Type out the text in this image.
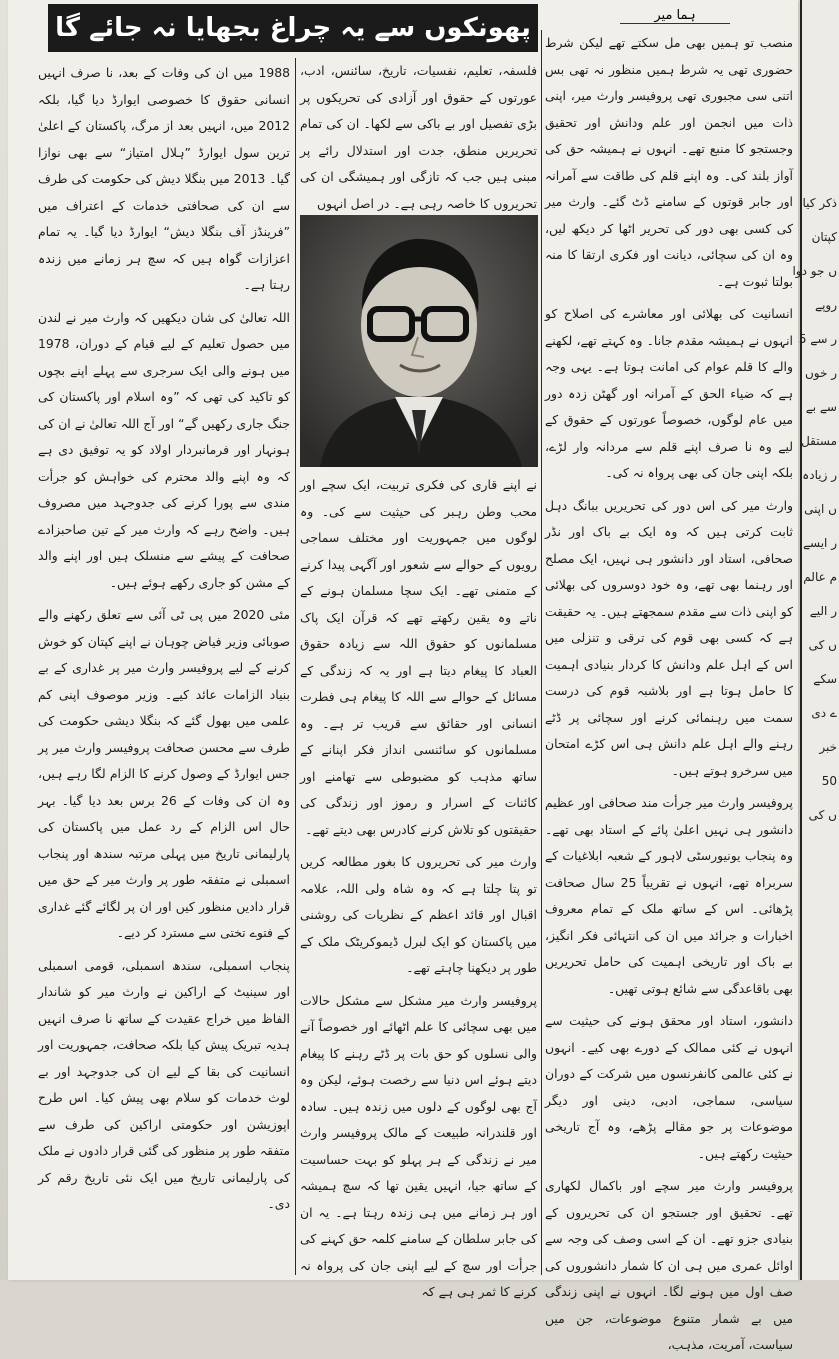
پھونکوں سے یہ چراغ بجھایا نہ جائے گا	ہما میر

منصب تو ہمیں بھی مل سکتے تھے لیکن شرط حضوری تھی یہ شرط ہمیں منظور نہ تھی بس اتنی سی مجبوری تھی پروفیسر وارث میر، اپنی ذات میں انجمن اور علم ودانش اور تحقیق وجستجو کا منبع تھے۔ انہوں نے ہمیشہ حق کی آواز بلند کی۔ وہ اپنے قلم کی طاقت سے آمرانہ اور جابر قوتوں کے سامنے ڈٹ گئے۔ وارث میر کی کسی بھی دور کی تحریر اٹھا کر دیکھ لیں، وہ ان کی سچائی، دیانت اور فکری ارتقا کا منہ بولتا ثبوت ہے۔

انسانیت کی بھلائی اور معاشرے کی اصلاح کو انہوں نے ہمیشہ مقدم جانا۔ وہ کہتے تھے، لکھنے والے کا قلم عوام کی امانت ہوتا ہے۔ یہی وجہ ہے کہ ضیاء الحق کے آمرانہ اور گھٹن زدہ دور میں عام لوگوں، خصوصاً عورتوں کے حقوق کے لیے وہ نا صرف اپنے قلم سے مردانہ وار لڑے، بلکہ اپنی جان کی بھی پرواہ نہ کی۔

وارث میر کی اس دور کی تحریریں ببانگ دہل ثابت کرتی ہیں کہ وہ ایک بے باک اور نڈر صحافی، استاد اور دانشور ہی نہیں، ایک مصلح اور رہنما بھی تھے، وہ خود دوسروں کی بھلائی کو اپنی ذات سے مقدم سمجھتے ہیں۔ یہ حقیقت ہے کہ کسی بھی قوم کی ترقی و تنزلی میں اس کے اہل علم ودانش کا کردار بنیادی اہمیت کا حامل ہوتا ہے اور بلاشبہ قوم کی درست سمت میں رہنمائی کرنے اور سچائی پر ڈٹے رہنے والے اہل علم دانش ہی اس کڑے امتحان میں سرخرو ہوتے ہیں۔

پروفیسر وارث میر جرأت مند صحافی اور عظیم دانشور ہی نہیں اعلیٰ پائے کے استاد بھی تھے۔ وہ پنجاب یونیورسٹی لاہور کے شعبہ ابلاغیات کے سربراہ تھے، انہوں نے تقریباً 25 سال صحافت پڑھائی۔ اس کے ساتھ ملک کے تمام معروف اخبارات و جرائد میں ان کی انتہائی فکر انگیز، بے باک اور تاریخی اہمیت کی حامل تحریریں بھی باقاعدگی سے شائع ہوتی تھیں۔

دانشور، استاد اور محقق ہونے کی حیثیت سے انہوں نے کئی ممالک کے دورے بھی کیے۔ انہوں نے کئی عالمی کانفرنسوں میں شرکت کے دوران سیاسی، سماجی، ادبی، دینی اور دیگر موضوعات پر جو مقالے پڑھے، وہ آج تاریخی حیثیت رکھتے ہیں۔

پروفیسر وارث میر سچے اور باکمال لکھاری تھے۔ تحقیق اور جستجو ان کی تحریروں کے بنیادی جزو تھے۔ ان کے اسی وصف کی وجہ سے اوائل عمری میں ہی ان کا شمار دانشوروں کی صف اول میں ہونے لگا۔ انہوں نے اپنی زندگی میں بے شمار متنوع موضوعات، جن میں سیاست، آمریت، مذہب،

فلسفہ، تعلیم، نفسیات، تاریخ، سائنس، ادب، عورتوں کے حقوق اور آزادی کی تحریکوں پر بڑی تفصیل اور بے باکی سے لکھا۔ ان کی تمام تحریریں منطق، جدت اور استدلال رائے پر مبنی ہیں جب کہ تازگی اور ہمیشگی ان کی تحریروں کا خاصہ رہی ہے۔ در اصل انہوں

نے اپنے قاری کی فکری تربیت، ایک سچے اور محب وطن رہبر کی حیثیت سے کی۔ وہ لوگوں میں جمہوریت اور مختلف سماجی رویوں کے حوالے سے شعور اور آگہی پیدا کرنے کے متمنی تھے۔ ایک سچا مسلمان ہونے کے ناتے وہ یقین رکھتے تھے کہ قرآن ایک پاک مسلمانوں کو حقوق اللہ سے زیادہ حقوق العباد کا پیغام دیتا ہے اور یہ کہ زندگی کے مسائل کے حوالے سے اللہ کا پیغام ہی فطرت انسانی اور حقائق سے قریب تر ہے۔ وہ مسلمانوں کو سائنسی انداز فکر اپنانے کے ساتھ مذہب کو مضبوطی سے تھامنے اور کائنات کے اسرار و رموز اور زندگی کی حقیقتوں کو تلاش کرنے کادرس بھی دیتے تھے۔

وارث میر کی تحریروں کا بغور مطالعہ کریں تو پتا چلتا ہے کہ وہ شاہ ولی اللہ، علامہ اقبال اور قائد اعظم کے نظریات کی روشنی میں پاکستان کو ایک لبرل ڈیموکریٹک ملک کے طور پر دیکھنا چاہتے تھے۔

پروفیسر وارث میر مشکل سے مشکل حالات میں بھی سچائی کا علم اٹھائے اور خصوصاً آنے والی نسلوں کو حق بات پر ڈٹے رہنے کا پیغام دیتے ہوئے اس دنیا سے رخصت ہوئے، لیکن وہ آج بھی لوگوں کے دلوں میں زندہ ہیں۔ سادہ اور قلندرانہ طبیعت کے مالک پروفیسر وارث میر نے زندگی کے ہر پہلو کو بہت حساسیت کے ساتھ جیا، انہیں یقین تھا کہ سچ ہمیشہ اور ہر زمانے میں ہی زندہ رہتا ہے۔ یہ ان کی جابر سلطان کے سامنے کلمہ حق کہنے کی جرأت اور سچ کے لیے اپنی جان کی پرواہ نہ کرنے کا ثمر ہی ہے کہ

1988 میں ان کی وفات کے بعد، نا صرف انہیں انسانی حقوق کا خصوصی ایوارڈ دیا گیا، بلکہ 2012 میں، انہیں بعد از مرگ، پاکستان کے اعلیٰ ترین سول ایوارڈ ”ہلال امتیاز“ سے بھی نوازا گیا۔ 2013 میں بنگلا دیش کی حکومت کی طرف سے ان کی صحافتی خدمات کے اعتراف میں ”فرینڈز آف بنگلا دیش“ ایوارڈ دیا گیا۔ یہ تمام اعزازات گواہ ہیں کہ سچ ہر زمانے میں زندہ رہتا ہے۔

اللہ تعالیٰ کی شان دیکھیں کہ وارث میر نے لندن میں حصول تعلیم کے لیے قیام کے دوران، 1978 میں ہونے والی ایک سرجری سے پہلے اپنے بچوں کو تاکید کی تھی کہ ”وہ اسلام اور پاکستان کی جنگ جاری رکھیں گے“ اور آج اللہ تعالیٰ نے ان کی ہونہار اور فرمانبردار اولاد کو یہ توفیق دی ہے کہ وہ اپنے والد محترم کی خواہش کو جرأت مندی سے پورا کرنے کی جدوجہد میں مصروف ہیں۔ واضح رہے کہ وارث میر کے تین صاحبزادے صحافت کے پیشے سے منسلک ہیں اور اپنے والد کے مشن کو جاری رکھے ہوئے ہیں۔

مئی 2020 میں پی ٹی آئی سے تعلق رکھنے والے صوبائی وزیر فیاض چوہان نے اپنے کپتان کو خوش کرنے کے لیے پروفیسر وارث میر پر غداری کے بے بنیاد الزامات عائد کیے۔ وزیر موصوف اپنی کم علمی میں بھول گئے کہ بنگلا دیشی حکومت کی طرف سے محسن صحافت پروفیسر وارث میر پر جس ایوارڈ کے وصول کرنے کا الزام لگا رہے ہیں، وہ ان کی وفات کے 26 برس بعد دیا گیا۔ بہر حال اس الزام کے رد عمل میں پاکستان کی پارلیمانی تاریخ میں پہلی مرتبہ سندھ اور پنجاب اسمبلی نے متفقہ طور پر وارث میر کے حق میں قرار دادیں منظور کیں اور ان پر لگائے گئے غداری کے فتوے تختی سے مسترد کر دیے۔

پنجاب اسمبلی، سندھ اسمبلی، قومی اسمبلی اور سینیٹ کے اراکین نے وارث میر کو شاندار الفاظ میں خراج عقیدت کے ساتھ نا صرف انہیں ہدیہ تبریک پیش کیا بلکہ صحافت، جمہوریت اور انسانیت کی بقا کے لیے ان کی جدوجہد اور بے لوث خدمات کو سلام بھی پیش کیا۔ اس طرح اپوزیشن اور حکومتی اراکین کی طرف سے متفقہ طور پر منظور کی گئی قرار دادوں نے ملک کی پارلیمانی تاریخ میں ایک نئی تاریخ رقم کر دی۔

ذکر کیا
کپتان
ں جو دوا
روپے
ر سے 5
ر خوں
سے بے
مستقل
ر زیادہ
ں اپنی
ر ایسے
م عالم
ر الیے
ں کی
سکے
ے دی
خبر
50
ں کی
